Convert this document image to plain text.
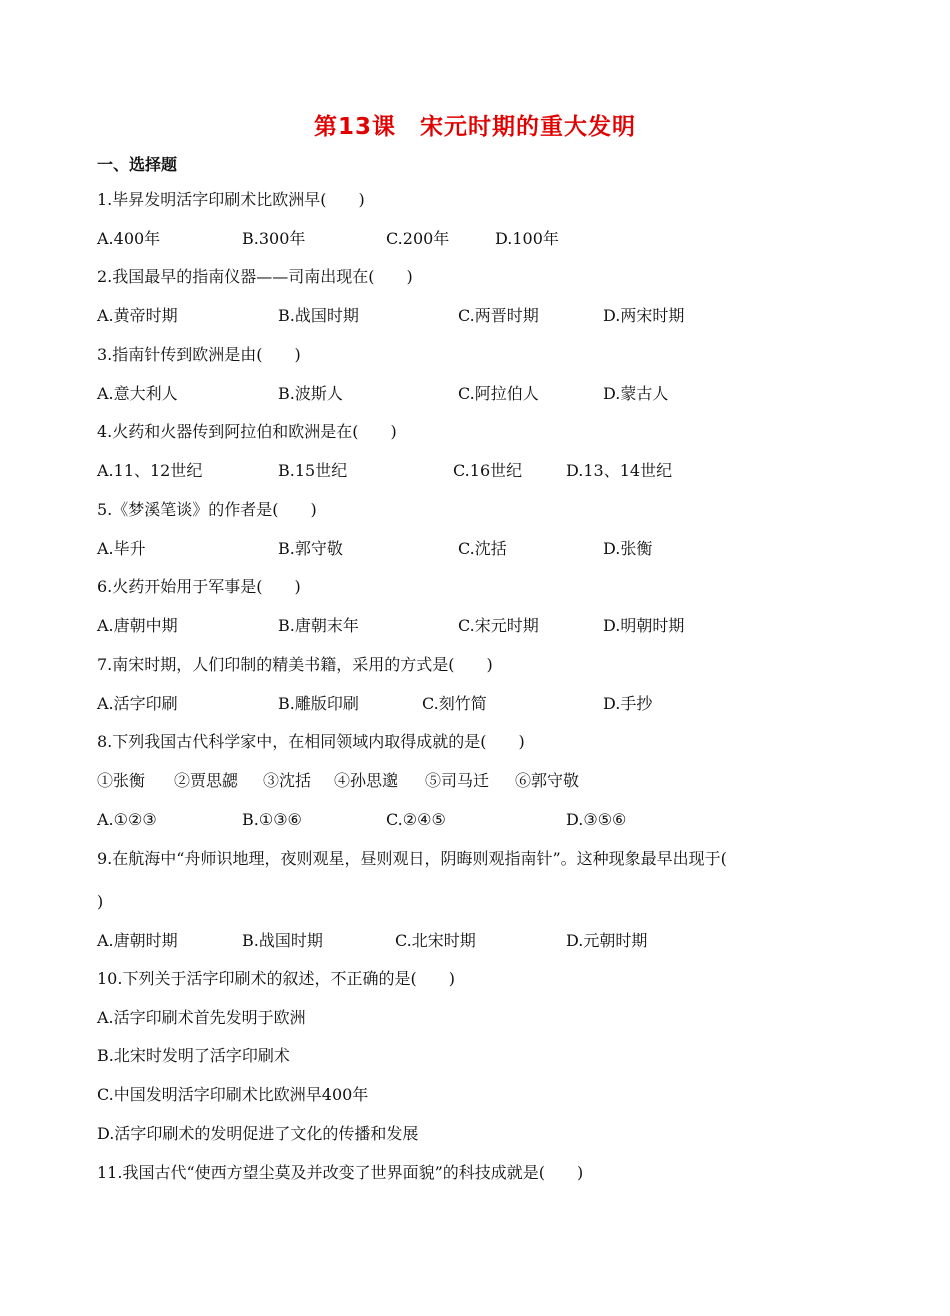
第13课　宋元时期的重大发明
一、选择题
1.毕昇发明活字印刷术比欧洲早(　　)
A.400年	B.300年	C.200年	D.100年
2.我国最早的指南仪器——司南出现在(　　)
A.黄帝时期	B.战国时期	C.两晋时期	D.两宋时期
3.指南针传到欧洲是由(　　)
A.意大利人	B.波斯人	C.阿拉伯人	D.蒙古人
4.火药和火器传到阿拉伯和欧洲是在(　　)
A.11、12世纪	B.15世纪	C.16世纪	D.13、14世纪
5.《梦溪笔谈》的作者是(　　)
A.毕升	B.郭守敬	C.沈括	D.张衡
6.火药开始用于军事是(　　)
A.唐朝中期	B.唐朝末年	C.宋元时期	D.明朝时期
7.南宋时期，人们印制的精美书籍，采用的方式是(　　)
A.活字印刷	B.雕版印刷	C.刻竹简	D.手抄
8.下列我国古代科学家中，在相同领域内取得成就的是(　　)
①张衡 ②贾思勰 ③沈括 ④孙思邈 ⑤司马迁 ⑥郭守敬
A.①②③	B.①③⑥	C.②④⑤	D.③⑤⑥
9.在航海中“舟师识地理，夜则观星，昼则观日，阴晦则观指南针”。这种现象最早出现于(
)
A.唐朝时期	B.战国时期	C.北宋时期	D.元朝时期
10.下列关于活字印刷术的叙述，不正确的是(　　)
A.活字印刷术首先发明于欧洲
B.北宋时发明了活字印刷术
C.中国发明活字印刷术比欧洲早400年
D.活字印刷术的发明促进了文化的传播和发展
11.我国古代“使西方望尘莫及并改变了世界面貌”的科技成就是(　　)
